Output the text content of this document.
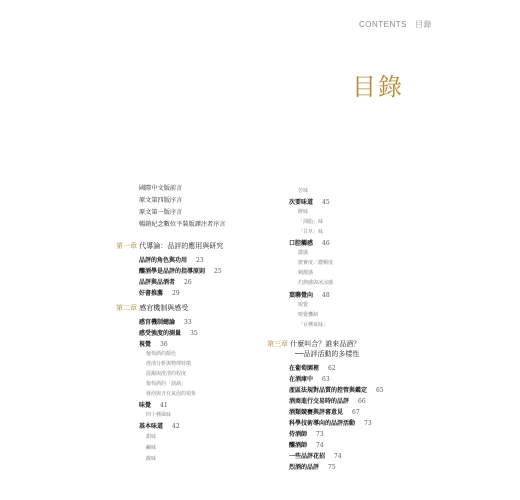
CONTENTS 目錄
目錄
國際中文版前言
原文第四版序言
原文第一版序言
暢銷紀念數位平裝版譯注者序言
第一章 代導論：品評的應用與研究
品評的角色與功用 23
釀酒學是品評的指導原則 25
品評與品酒者 26
好書推薦 29
第二章 感官機制與感受
感官機制總論 33
感受強度的測量 35
視覺 36
葡萄酒的顏色
澄清分析與物理特徵
混濁與澄清的程度
葡萄酒的「淚滴」
發泡與含有氣泡的現象
味覺 41
四十種風味
基本味道 42
甜味
鹹味
酸味
苦味
次要味道 45
鮮味
「油脂」味
「甘草」味
口腔觸感 46
澀感
麼實度／濃稠度
刺激感
灼熱感與冰涼感
葉聯覺向 48
嗅覺
嗅覺機制
「百種氣味」
第三章 什麼叫合？誰來品酒？
──品評活動的多樣性
在葡萄園裡 62
在酒庫中 63
產區法規對品質的控管與鑑定 65
酒商進行交易時的品評 66
酒類競賽與評審意見 67
科學技術導向的品評活動 73
侍酒師 73
釀酒師 74
一些品評花招 74
烈酒的品評 75
